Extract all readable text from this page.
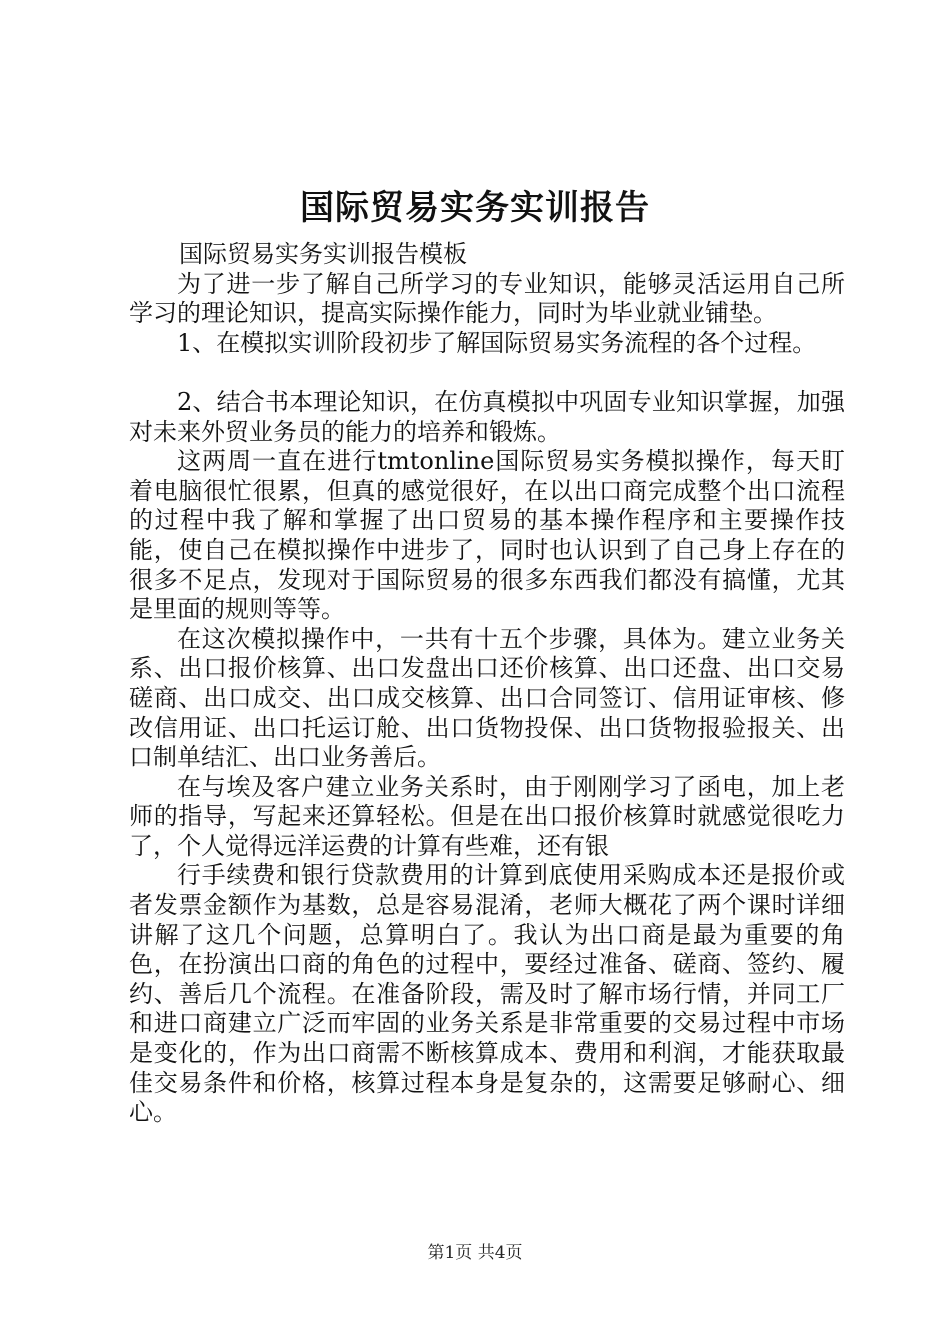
国际贸易实务实训报告

国际贸易实务实训报告模板

为了进一步了解自己所学习的专业知识，能够灵活运用自己所学习的理论知识，提高实际操作能力，同时为毕业就业铺垫。

1、在模拟实训阶段初步了解国际贸易实务流程的各个过程。

2、结合书本理论知识，在仿真模拟中巩固专业知识掌握，加强对未来外贸业务员的能力的培养和锻炼。

这两周一直在进行tmtonline国际贸易实务模拟操作，每天盯着电脑很忙很累，但真的感觉很好，在以出口商完成整个出口流程的过程中我了解和掌握了出口贸易的基本操作程序和主要操作技能，使自己在模拟操作中进步了，同时也认识到了自己身上存在的很多不足点，发现对于国际贸易的很多东西我们都没有搞懂，尤其是里面的规则等等。

在这次模拟操作中，一共有十五个步骤，具体为。建立业务关系、出口报价核算、出口发盘出口还价核算、出口还盘、出口交易磋商、出口成交、出口成交核算、出口合同签订、信用证审核、修改信用证、出口托运订舱、出口货物投保、出口货物报验报关、出口制单结汇、出口业务善后。

在与埃及客户建立业务关系时，由于刚刚学习了函电，加上老师的指导，写起来还算轻松。但是在出口报价核算时就感觉很吃力了，个人觉得远洋运费的计算有些难，还有银

行手续费和银行贷款费用的计算到底使用采购成本还是报价或者发票金额作为基数，总是容易混淆，老师大概花了两个课时详细讲解了这几个问题，总算明白了。我认为出口商是最为重要的角色，在扮演出口商的角色的过程中，要经过准备、磋商、签约、履约、善后几个流程。在准备阶段，需及时了解市场行情，并同工厂和进口商建立广泛而牢固的业务关系是非常重要的交易过程中市场是变化的，作为出口商需不断核算成本、费用和利润，才能获取最佳交易条件和价格，核算过程本身是复杂的，这需要足够耐心、细心。

第1页 共4页
